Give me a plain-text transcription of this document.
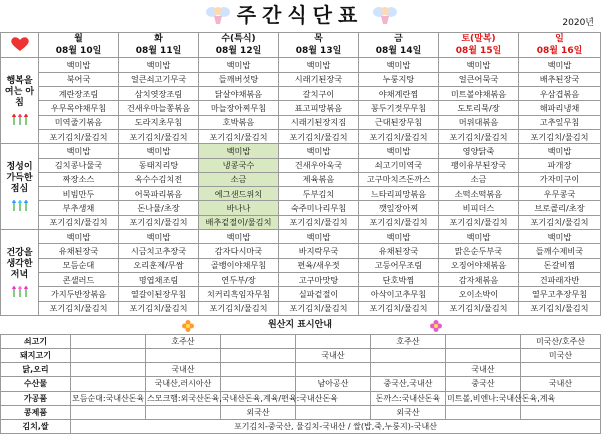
주간식단표	2020년
	월	화	수(특식)	목	금	토(말복)	일
	08월 10일	08월 11일	08월 12일	08월 13일	08월 14일	08월 15일	08월 16일
행복을 여는 아침	백미밥	백미밥	백미밥	백미밥	백미밥	백미밥	백미밥
	북어국	얼큰쇠고기무국	들깨버섯탕	시래기된장국	누룽지탕	얼큰어묵국	배추된장국
	계란장조림	삼치엿장조림	닭살야채볶음	갈치구이	야채계란찜	미트볼야채볶음	우삼겹볶음
	우무목야채무침	건새우마늘쫑볶음	마늘장아찌무침	표고피망볶음	꽁두기젓무무침	도토리묵/장	해파리냉채
	미역줄기볶음	도라지초무침	호박볶음	시래기된장지짐	근대된장무침	머위대볶음	고추잎무침
	포기김치/물김치	포기김치/물김치	포기김치/물김치	포기김치/물김치	포기김치/물김치	포기김치/물김치	포기김치/물김치
정성이 가득한 점심	백미밥	백미밥	백미밥	백미밥	백미밥	영양닭죽	백미밥
	김치콩나물국	동태지리탕	냉콩국수	건새우아욱국	쇠고기미역국	팽이유부된장국	파개장
	짜장소스	옥수수김치전	소금	제육볶음	고구마치즈돈까스	소금	가자미구이
	비빔만두	어묵파리볶음	에그샌드위치	두부김치	느타리피망볶음	소떡소떡볶음	우무콩국
	부추생채	돈나물/초장	바나나	숙주미나리무침	깻잎장아찌	비피더스	브로콜리/초장
	포기김치/물김치	포기김치/물김치	배추겉절이/물김치	포기김치/물김치	포기김치/물김치	포기김치/물김치	포기김치/물김치
건강을 생각한 저녁	백미밥	백미밥	백미밥	백미밥	백미밥	백미밥	백미밥
	유채된장국	시금치고추장국	감자다시마국	바지락무국	유채된장국	맑은순두부국	들깨수제비국
	모듬순대	오리훈제/무쌈	골뱅이야채무침	편육/새우젓	고등어무조림	오징어야채볶음	돈갈비찜
	콘샐러드	명엽채조림	연두부/장	고구마맛탕	단호박찜	감자채볶음	건파래자반
	가지두반장볶음	열갈이된장무침	치커리흑임자무침	실파겉절이	아삭이고추무침	오이소박이	열무고추장무침
	포기김치/물김치	포기김치/물김치	포기김치/물김치	포기김치/물김치	포기김치/물김치	포기김치/물김치	포기김치/물김치
원산지 표시안내
쇠고기		호주산			호주산		미국산/호주산
돼지고기				국내산			미국산
닭,오리		국내산				국내산	
수산물		국내산,러시아산		남아공산	중국산,국내산	중국산	국내산
가공품	모듬순대:국내산돈육	스모크햄:외국산돈육,국내산돈육,계육/편육:국내산돈육			돈까스:국내산돈육	미트볼,비엔나:국내산돈육,계육	
콩제품			외국산		외국산		
김치,쌀	포기김치-중국산, 물김치-국내산 / 쌀(밥,죽,누룽지)-국내산						
